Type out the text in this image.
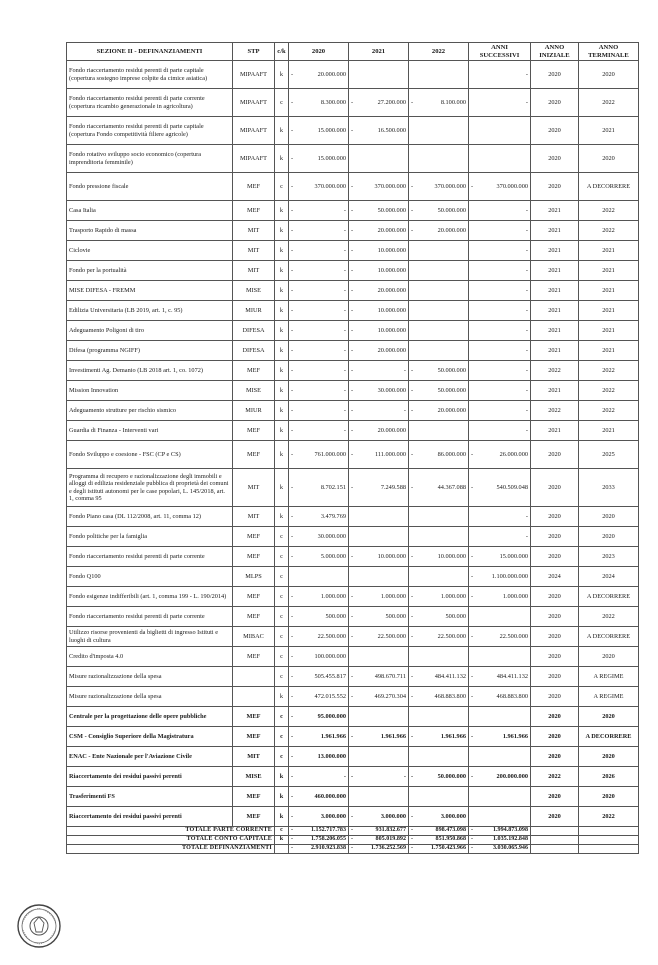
SEZIONE II - DEFINANZIAMENTI	STP	c/k	2020	2021	2022	ANNI SUCCESSIVI	ANNO INIZIALE	ANNO TERMINALE
Fondo riaccertamento residui perenti di parte capitale (copertura sostegno imprese colpite da cimice asiatica)	MIPAAFT	k	- 20.000.000			-	2020	2020
Fondo riaccertamento residui perenti di parte corrente (copertura ricambio generazionale in agricoltura)	MIPAAFT	c	- 8.300.000	- 27.200.000	- 8.100.000	-	2020	2022
Fondo riaccertamento residui perenti di parte capitale (copertura Fondo competitività filiere agricole)	MIPAAFT	k	- 15.000.000	- 16.500.000			2020	2021
Fondo rotativo sviluppo socio economico (copertura imprenditoria femminile)	MIPAAFT	k	- 15.000.000				2020	2020
Fondo pressione fiscale	MEF	c	- 370.000.000	- 370.000.000	- 370.000.000	- 370.000.000	2020	A DECORRERE
Casa Italia	MEF	k	- -	- 50.000.000	- 50.000.000	-	2021	2022
Trasporto Rapido di massa	MIT	k	- -	- 20.000.000	- 20.000.000	-	2021	2022
Ciclovie	MIT	k	- -	- 10.000.000		-	2021	2021
Fondo per la portualità	MIT	k	- -	- 10.000.000		-	2021	2021
MISE DIFESA - FREMM	MISE	k	- -	- 20.000.000		-	2021	2021
Edilizia Universitaria (LB 2019, art. 1, c. 95)	MIUR	k	- -	- 10.000.000		-	2021	2021
Adeguamento Poligoni di tiro	DIFESA	k	- -	- 10.000.000		-	2021	2021
Difesa (programma NGIFF)	DIFESA	k	- -	- 20.000.000		-	2021	2021
Investimenti Ag. Demanio (LB 2018 art. 1, co. 1072)	MEF	k	- -	- -	- 50.000.000	-	2022	2022
Mission Innovation	MISE	k	- -	- 30.000.000	- 50.000.000	-	2021	2022
Adeguamento strutture per rischio sismico	MIUR	k	- -	- -	- 20.000.000	-	2022	2022
Guardia di Finanza - Interventi vari	MEF	k	- -	- 20.000.000		-	2021	2021
Fondo Sviluppo e coesione - FSC (CP e CS)	MEF	k	- 761.000.000	- 111.000.000	- 86.000.000	- 26.000.000	2020	2025
Programma di recupero e razionalizzazione degli immobili e alloggi di edilizia residenziale pubblica di proprietà dei comuni e degli istituti autonomi per le case popolari, L. 145/2018, art. 1, comma 95	MIT	k	- 8.702.151	- 7.249.588	- 44.367.088	- 540.509.048	2020	2033
Fondo Piano casa (DL 112/2008, art. 11, comma 12)	MIT	k	- 3.479.769			-	2020	2020
Fondo politiche per la famiglia	MEF	c	- 30.000.000			-	2020	2020
Fondo riaccertamento residui perenti di parte corrente	MEF	c	- 5.000.000	- 10.000.000	- 10.000.000	- 15.000.000	2020	2023
Fondo Q100	MLPS	c				- 1.100.000.000	2024	2024
Fondo esigenze indifferibili (art. 1, comma 199 - L. 190/2014)	MEF	c	- 1.000.000	- 1.000.000	- 1.000.000	- 1.000.000	2020	A DECORRERE
Fondo riaccertamento residui perenti di parte corrente	MEF	c	- 500.000	- 500.000	- 500.000		2020	2022
Utilizzo risorse provenienti da biglietti di ingresso Istituti e luoghi di cultura	MIBAC	c	- 22.500.000	- 22.500.000	- 22.500.000	- 22.500.000	2020	A DECORRERE
Credito d'imposta 4.0	MEF	c	- 100.000.000				2020	2020
Misure razionalizzazione della spesa		c	- 505.455.817	- 498.670.711	- 484.411.132	- 484.411.132	2020	A REGIME
Misure razionalizzazione della spesa		k	- 472.015.552	- 469.270.304	- 468.883.800	- 468.883.800	2020	A REGIME
Centrale per la progettazione delle opere pubbliche	MEF	c	- 95.000.000				2020	2020
CSM - Consiglio Superiore della Magistratura	MEF	c	- 1.961.966	- 1.961.966	- 1.961.966	- 1.961.966	2020	A DECORRERE
ENAC - Ente Nazionale per l'Aviazione Civile	MIT	c	- 13.000.000				2020	2020
Riaccertamento dei residui passivi perenti	MISE	k	- -	- -	- 50.000.000	- 200.000.000	2022	2026
Trasferimenti FS	MEF	k	- 460.000.000				2020	2020
Riaccertamento dei residui passivi perenti	MEF	k	- 3.000.000	- 3.000.000	- 3.000.000		2020	2022
TOTALE PARTE CORRENTE		c	- 1.152.717.783	- 931.832.677	- 898.473.098	- 1.994.873.098		
TOTALE CONTO CAPITALE		k	- 1.758.206.055	- 805.019.892	- 851.950.868	- 1.035.192.848		
TOTALE DEFINANZIAMENTI			- 2.910.923.838	- 1.736.252.569	- 1.750.423.966	- 3.030.065.946		
